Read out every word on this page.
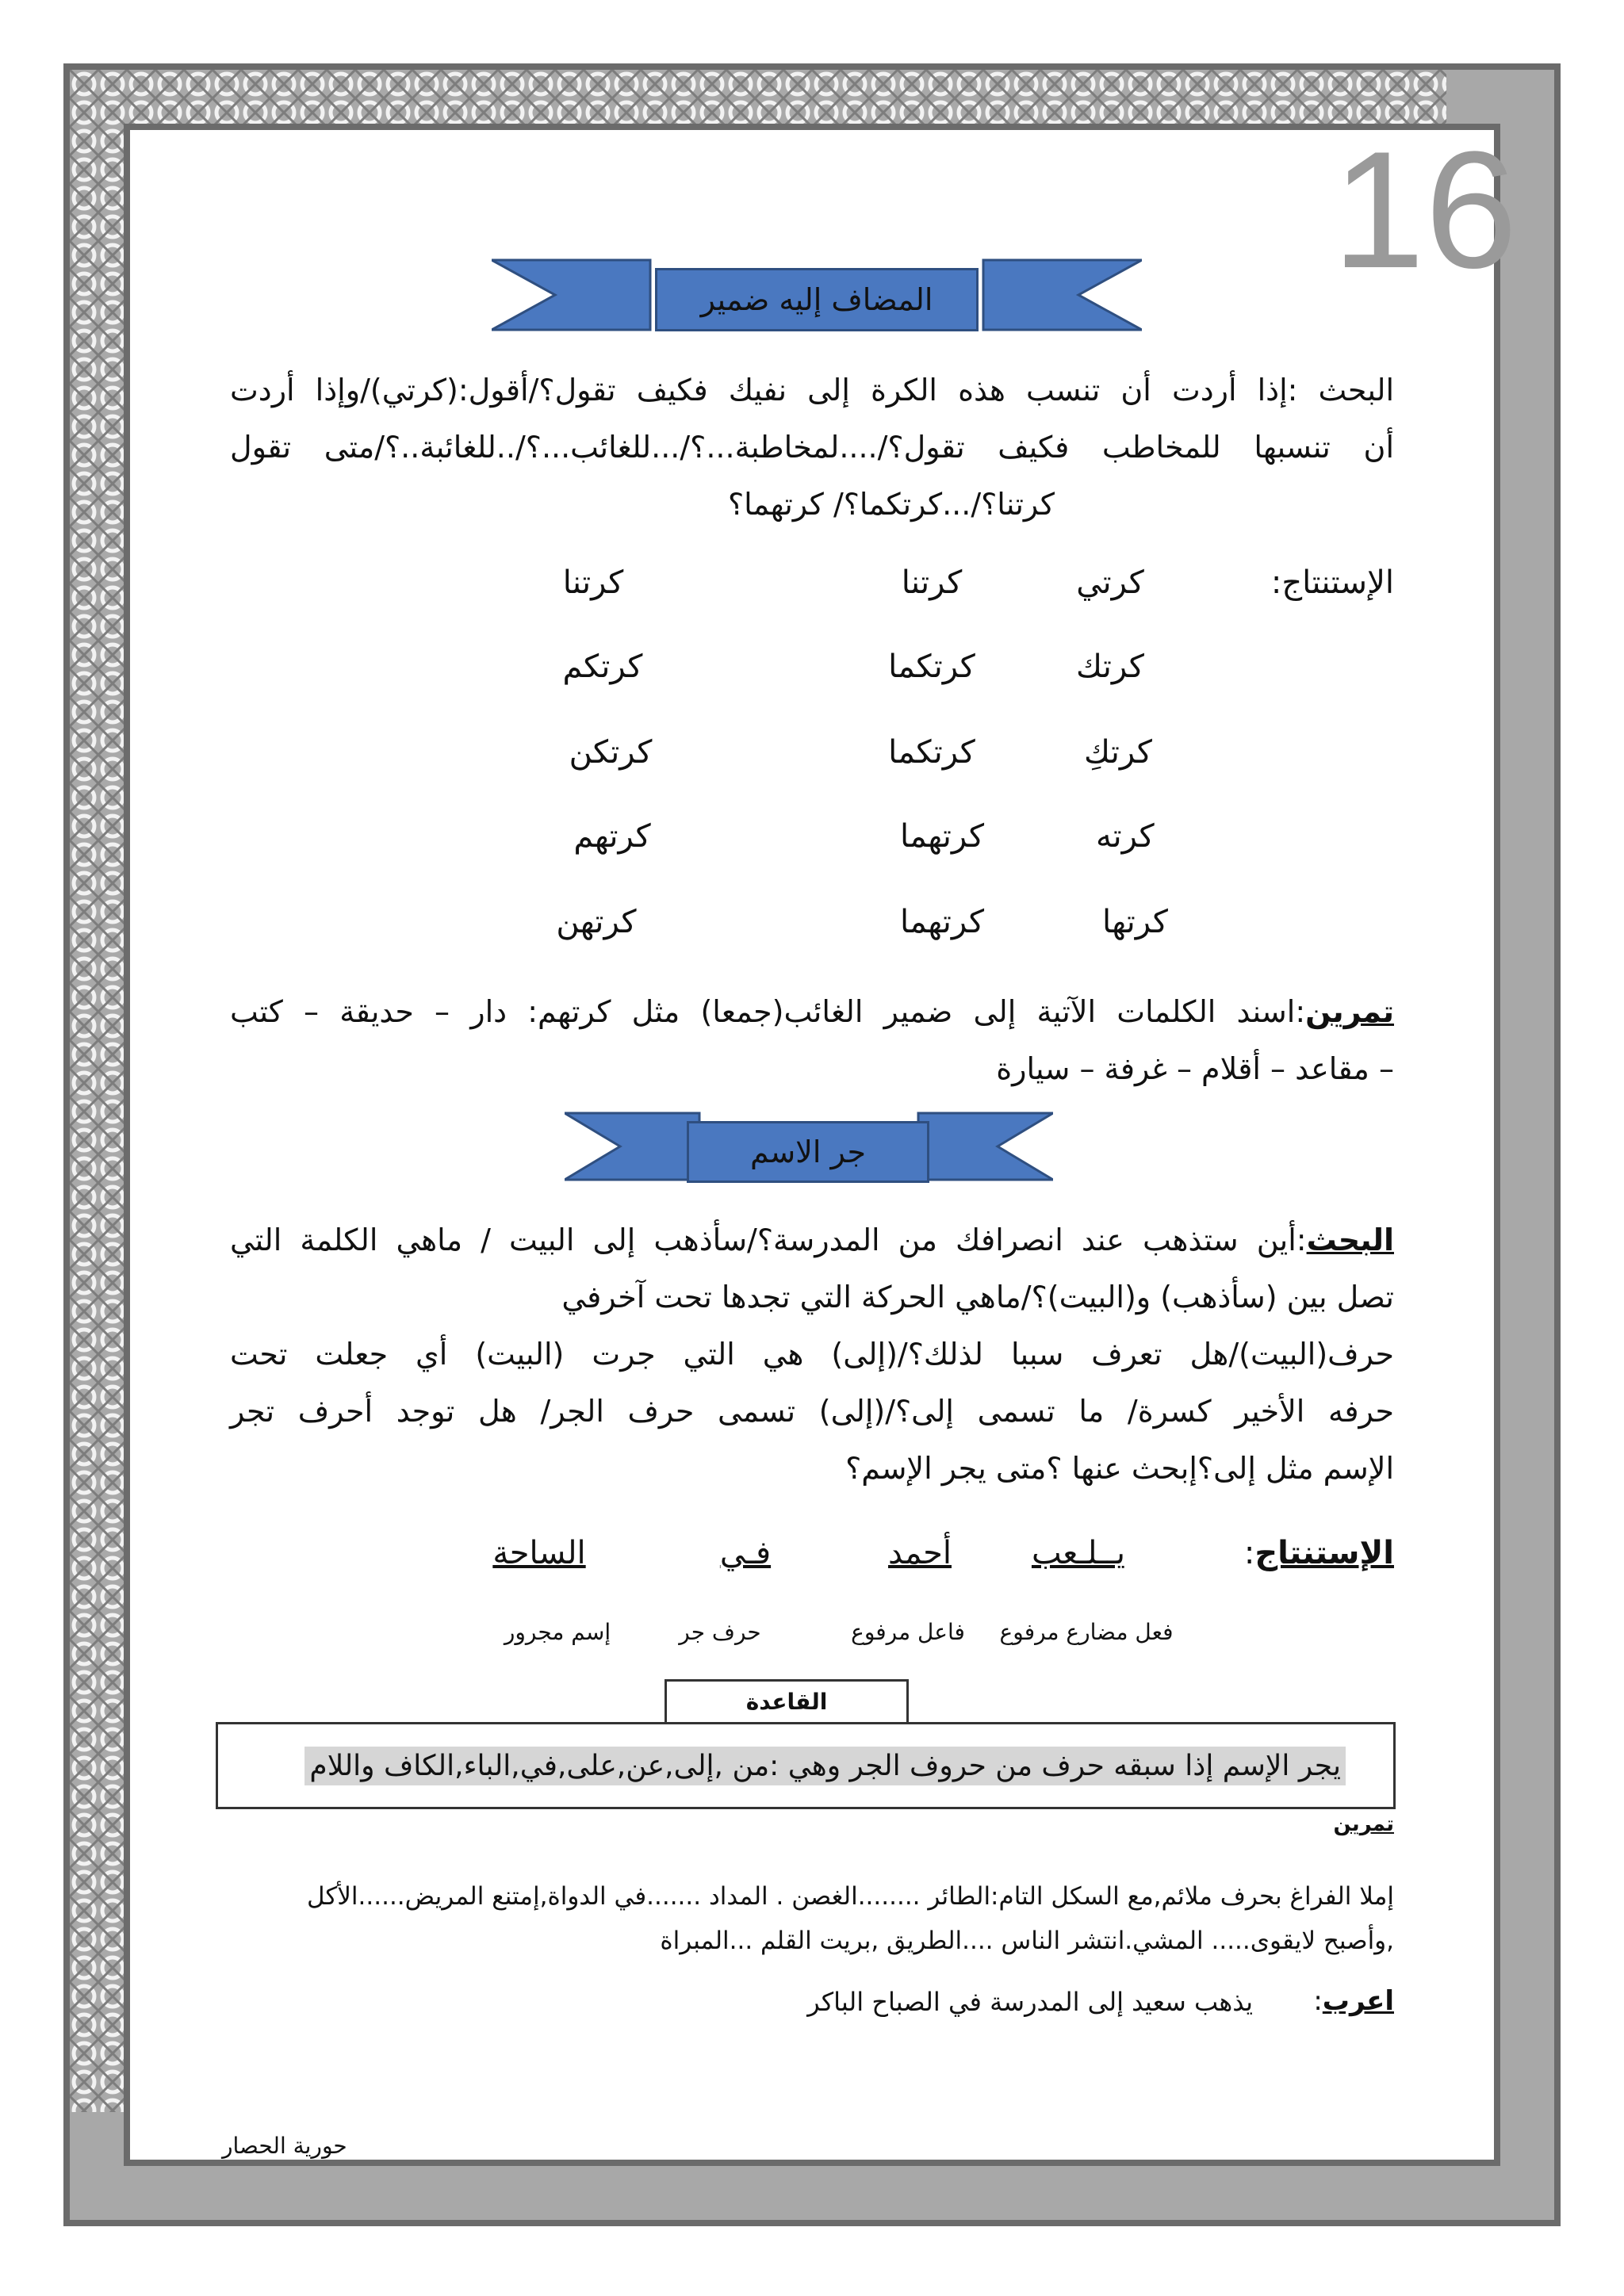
16
المضاف إليه ضمير
البحث :إذا أردت أن تنسب هذه الكرة إلى نفيك فكيف تقول؟/أقول:(كرتي)/وإذا أردت
أن تنسبها للمخاطب فكيف تقول؟/....لمخاطبة...؟/...للغائب...؟/..للغائبة..؟/متى تقول
كرتنا؟/...كرتكما؟/ كرتهما؟
الإستنتاج:
كرتي
كرتنا
كرتنا
كرتك
كرتكما
كرتكم
كرتكِ
كرتكما
كرتكن
كرته
كرتهما
كرتهم
كرتها
كرتهما
كرتهن
تمرين:اسند الكلمات الآتية إلى ضمير الغائب(جمعا) مثل كرتهم: دار – حديقة – كتب
– مقاعد – أقلام – غرفة – سيارة
جر الاسم
البحث:أين ستذهب عند انصرافك من المدرسة؟/سأذهب إلى البيت / ماهي الكلمة التي
تصل بين (سأذهب) و(البيت)؟/ماهي الحركة التي تجدها تحت آخرفي
حرف(البيت)/هل تعرف سببا لذلك؟/(إلى) هي التي جرت (البيت) أي جعلت تحت
حرفه الأخير كسرة/ ما تسمى إلى؟/(إلى) تسمى حرف الجر/ هل توجد أحرف تجر
الإسم مثل إلى؟إبحث عنها ؟متى يجر الإسم؟
الإستنتاج:
يــلـعب
أحمد
فـي
الساحة
فعل مضارع مرفوع
فاعل مرفوع
حرف جر
إسم مجرور
القاعدة
يجر الإسم إذا سبقه حرف من حروف الجر وهي :من ,إلى,عن,على,في,الباء,الكاف واللام
تمرين
إملا الفراغ بحرف ملائم,مع السكل التام:الطائر ........الغصن . المداد .......في الدواة,إمتنع المريض......الأكل
,وأصبح لايقوى..... المشي.انتشر الناس ....الطريق ,بريت القلم ...المبراة
اعرب:
يذهب سعيد إلى المدرسة في الصباح الباكر
حورية الحصار
